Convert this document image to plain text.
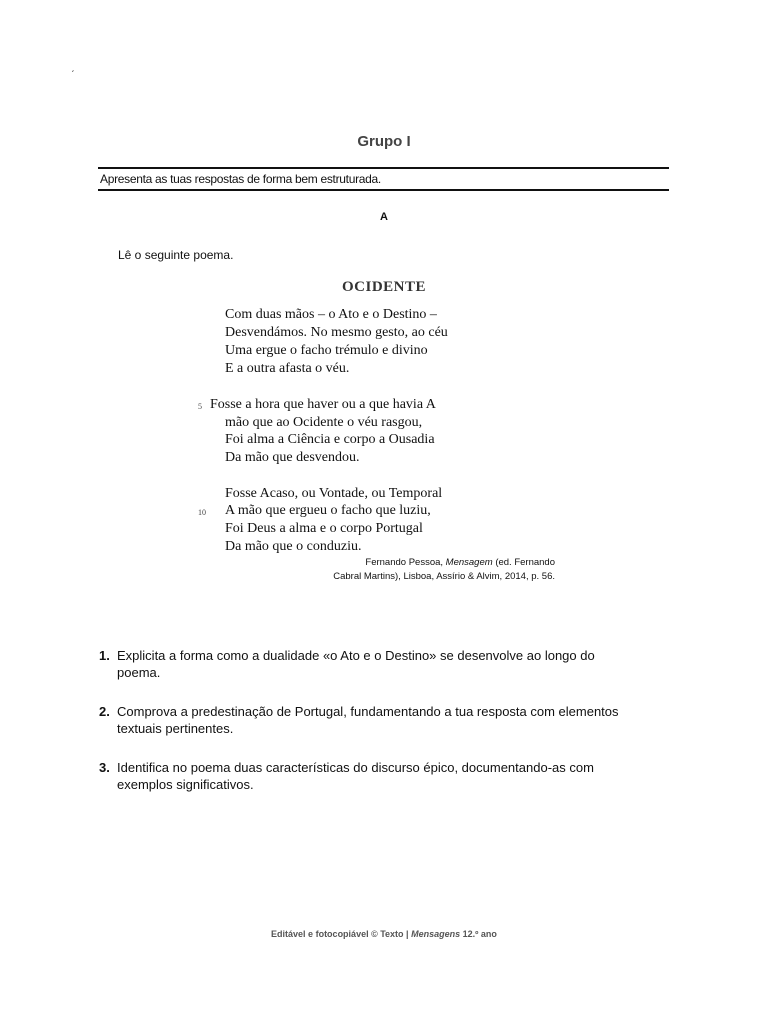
ˏ
Grupo I
Apresenta as tuas respostas de forma bem estruturada.
A
Lê o seguinte poema.
OCIDENTE
Com duas mãos – o Ato e o Destino –
Desvendámos. No mesmo gesto, ao céu
Uma ergue o facho trémulo e divino
E a outra afasta o véu.
5 Fosse a hora que haver ou a que havia A
mão que ao Ocidente o véu rasgou,
Foi alma a Ciência e corpo a Ousadia
Da mão que desvendou.
Fosse Acaso, ou Vontade, ou Temporal
10 A mão que ergueu o facho que luziu,
Foi Deus a alma e o corpo Portugal
Da mão que o conduziu.
Fernando Pessoa, Mensagem (ed. Fernando
Cabral Martins), Lisboa, Assírio & Alvim, 2014, p. 56.
1. Explicita a forma como a dualidade «o Ato e o Destino» se desenvolve ao longo do poema.
2. Comprova a predestinação de Portugal, fundamentando a tua resposta com elementos textuais pertinentes.
3. Identifica no poema duas características do discurso épico, documentando-as com exemplos significativos.
Editável e fotocopiável © Texto | Mensagens 12.º ano
